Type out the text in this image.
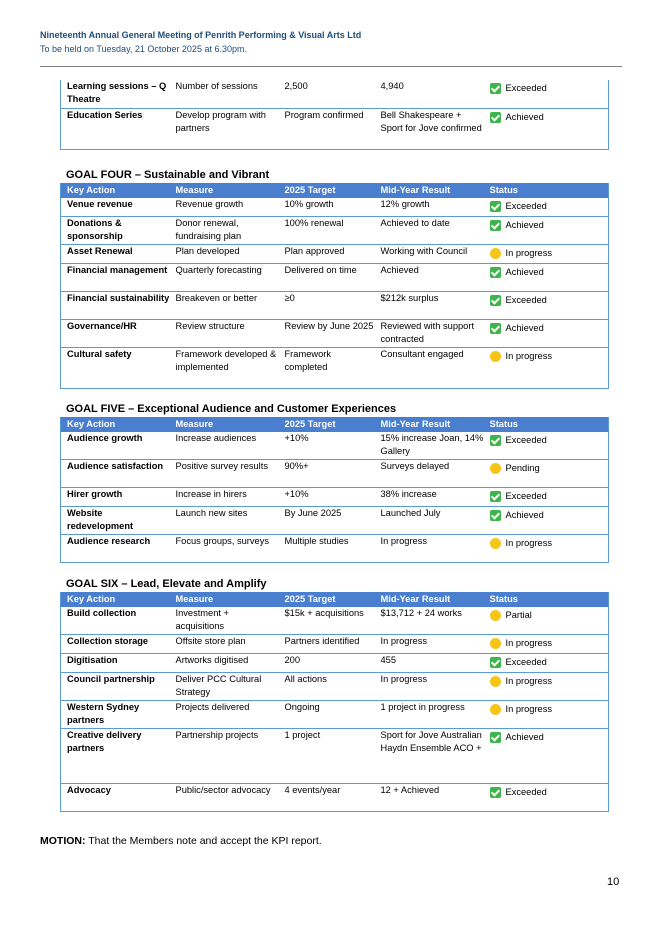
Nineteenth Annual General Meeting of Penrith Performing & Visual Arts Ltd
To be held on Tuesday, 21 October 2025 at 6.30pm.
Learning sessions – Q Theatre	Number of sessions	2,500	4,940	Exceeded

Education Series	Develop program with partners	Program confirmed	Bell Shakespeare + Sport for Jove confirmed	Achieved
GOAL FOUR – Sustainable and Vibrant
Key Action	Measure	2025 Target	Mid-Year Result	Status
Venue revenue	Revenue growth	10% growth	12% growth	Exceeded

Donations & sponsorship	Donor renewal, fundraising plan	100% renewal	Achieved to date	Achieved

Asset Renewal	Plan developed	Plan approved	Working with Council	In progress

Financial management	Quarterly forecasting	Delivered on time	Achieved	Achieved

Financial sustainability	Breakeven or better	≥0	$212k surplus	Exceeded

Governance/HR	Review structure	Review by June 2025	Reviewed with support contracted	Achieved

Cultural safety	Framework developed & implemented	Framework completed	Consultant engaged	In progress
GOAL FIVE – Exceptional Audience and Customer Experiences
Key Action	Measure	2025 Target	Mid-Year Result	Status
Audience growth	Increase audiences	+10%	15% increase Joan, 14% Gallery	Exceeded

Audience satisfaction	Positive survey results	90%+	Surveys delayed	Pending

Hirer growth	Increase in hirers	+10%	38% increase	Exceeded

Website redevelopment	Launch new sites	By June 2025	Launched July	Achieved

Audience research	Focus groups, surveys	Multiple studies	In progress	In progress
GOAL SIX – Lead, Elevate and Amplify
Key Action	Measure	2025 Target	Mid-Year Result	Status
Build collection	Investment + acquisitions	$15k + acquisitions	$13,712 + 24 works	Partial

Collection storage	Offsite store plan	Partners identified	In progress	In progress

Digitisation	Artworks digitised	200	455	Exceeded

Council partnership	Deliver PCC Cultural Strategy	All actions	In progress	In progress

Western Sydney partners	Projects delivered	Ongoing	1 project in progress	In progress

Creative delivery partners	Partnership projects	1 project	Sport for Jove Australian Haydn Ensemble ACO +	Achieved

Advocacy	Public/sector advocacy	4 events/year	12 + Achieved	Exceeded
MOTION: That the Members note and accept the KPI report.
10
